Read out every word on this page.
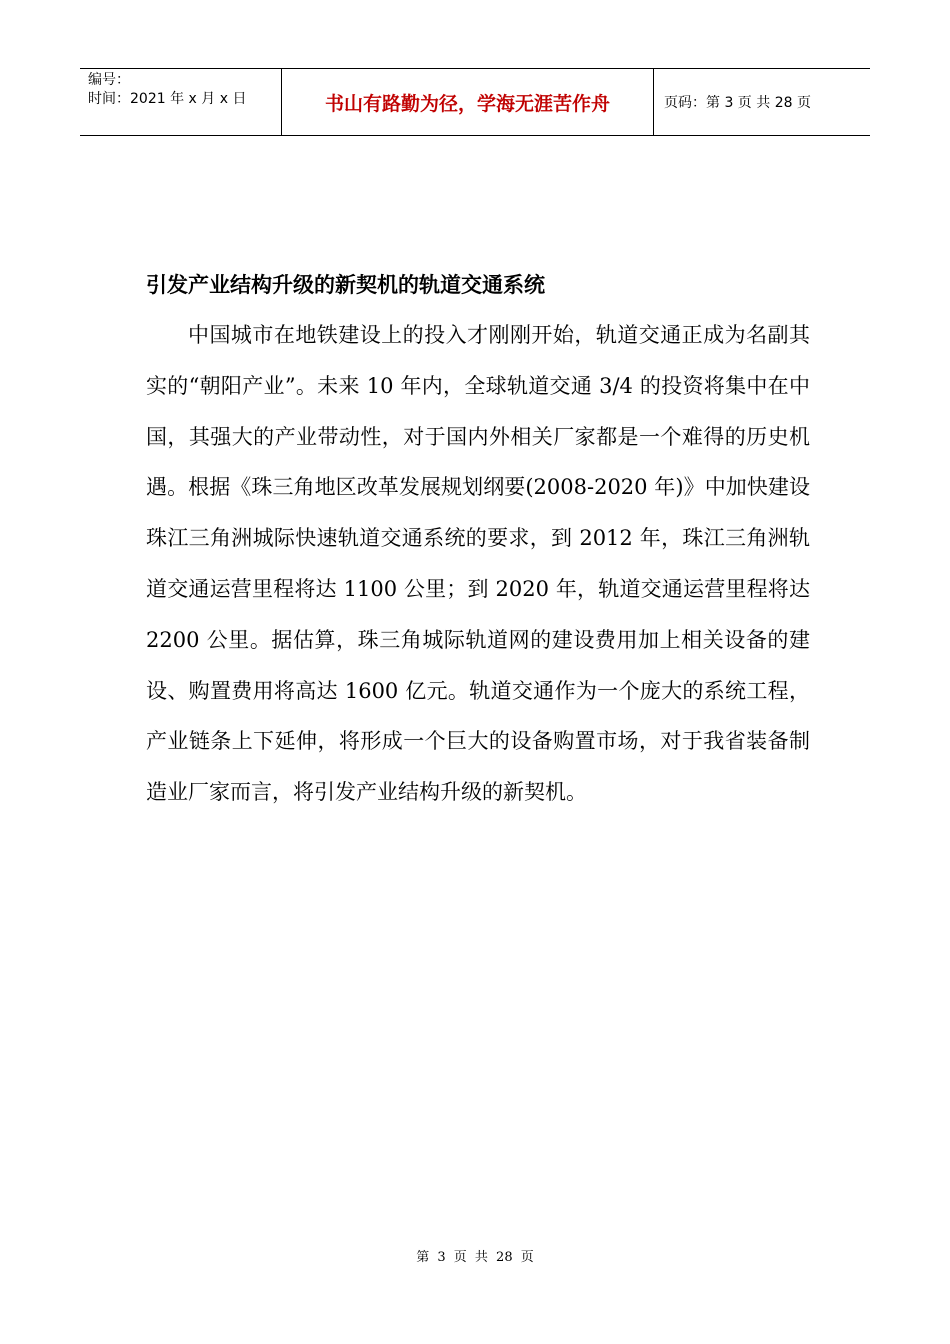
编号：
时间：2021 年 x 月 x 日	书山有路勤为径，学海无涯苦作舟	页码：第 3 页 共 28 页
引发产业结构升级的新契机的轨道交通系统

中国城市在地铁建设上的投入才刚刚开始，轨道交通正成为名副其实的“朝阳产业”。未来 10 年内，全球轨道交通 3/4 的投资将集中在中国，其强大的产业带动性，对于国内外相关厂家都是一个难得的历史机遇。根据《珠三角地区改革发展规划纲要(2008-2020 年)》中加快建设珠江三角洲城际快速轨道交通系统的要求，到 2012 年，珠江三角洲轨道交通运营里程将达 1100 公里；到 2020 年，轨道交通运营里程将达 2200 公里。据估算，珠三角城际轨道网的建设费用加上相关设备的建设、购置费用将高达 1600 亿元。轨道交通作为一个庞大的系统工程，产业链条上下延伸，将形成一个巨大的设备购置市场，对于我省装备制造业厂家而言，将引发产业结构升级的新契机。

第 3 页 共 28 页
